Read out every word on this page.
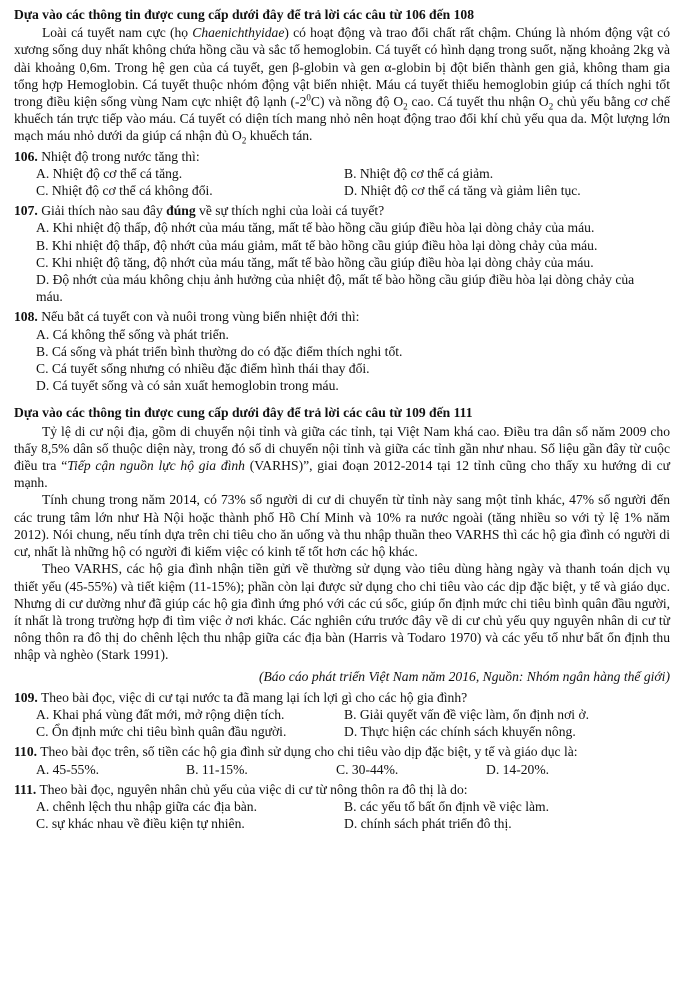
Dựa vào các thông tin được cung cấp dưới đây để trả lời các câu từ 106 đến 108

Loài cá tuyết nam cực (họ Chaenichthyidae) có hoạt động và trao đổi chất rất chậm. Chúng là nhóm động vật có xương sống duy nhất không chứa hồng cầu và sắc tố hemoglobin. Cá tuyết có hình dạng trong suốt, nặng khoảng 2kg và dài khoảng 0,6m. Trong hệ gen của cá tuyết, gen β-globin và gen α-globin bị đột biến thành gen giả, không tham gia tổng hợp Hemoglobin. Cá tuyết thuộc nhóm động vật biến nhiệt. Máu cá tuyết thiếu hemoglobin giúp cá thích nghi tốt trong điều kiện sống vùng Nam cực nhiệt độ lạnh $(-2^0C)$ và nồng độ $O_2$ cao. Cá tuyết thu nhận $O_2$ chủ yếu bằng cơ chế khuếch tán trực tiếp vào máu. Cá tuyết có diện tích mang nhỏ nên hoạt động trao đổi khí chủ yếu qua da. Một lượng lớn mạch máu nhỏ dưới da giúp cá nhận đủ $O_2$ khuếch tán.

106. Nhiệt độ trong nước tăng thì:
A. Nhiệt độ cơ thể cá tăng.	B. Nhiệt độ cơ thể cá giảm.
C. Nhiệt độ cơ thể cá không đổi.	D. Nhiệt độ cơ thể cá tăng và giảm liên tục.
107. Giải thích nào sau đây đúng về sự thích nghi của loài cá tuyết?
A. Khi nhiệt độ thấp, độ nhớt của máu tăng, mất tế bào hồng cầu giúp điều hòa lại dòng chảy của máu.
B. Khi nhiệt độ thấp, độ nhớt của máu giảm, mất tế bào hồng cầu giúp điều hòa lại dòng chảy của máu.
C. Khi nhiệt độ tăng, độ nhớt của máu tăng, mất tế bào hồng cầu giúp điều hòa lại dòng chảy của máu.
D. Độ nhớt của máu không chịu ảnh hưởng của nhiệt độ, mất tế bào hồng cầu giúp điều hòa lại dòng chảy của máu.
108. Nếu bắt cá tuyết con và nuôi trong vùng biển nhiệt đới thì:
A. Cá không thể sống và phát triển.
B. Cá sống và phát triển bình thường do có đặc điểm thích nghi tốt.
C. Cá tuyết sống nhưng có nhiều đặc điểm hình thái thay đổi.
D. Cá tuyết sống và có sản xuất hemoglobin trong máu.
Dựa vào các thông tin được cung cấp dưới đây để trả lời các câu từ 109 đến 111

Tỷ lệ di cư nội địa, gồm di chuyển nội tỉnh và giữa các tỉnh, tại Việt Nam khá cao. Điều tra dân số năm 2009 cho thấy 8,5% dân số thuộc diện này, trong đó số di chuyển nội tỉnh và giữa các tỉnh gần như nhau. Số liệu gần đây từ cuộc điều tra “Tiếp cận nguồn lực hộ gia đình (VARHS)”, giai đoạn 2012-2014 tại 12 tỉnh cũng cho thấy xu hướng di cư mạnh.

Tính chung trong năm 2014, có 73% số người di cư di chuyển từ tỉnh này sang một tỉnh khác, 47% số người đến các trung tâm lớn như Hà Nội hoặc thành phố Hồ Chí Minh và 10% ra nước ngoài (tăng nhiều so với tỷ lệ 1% năm 2012). Nói chung, nếu tính dựa trên chi tiêu cho ăn uống và thu nhập thuần theo VARHS thì các hộ gia đình có người di cư, nhất là những hộ có người đi kiếm việc có kinh tế tốt hơn các hộ khác.

Theo VARHS, các hộ gia đình nhận tiền gửi về thường sử dụng vào tiêu dùng hàng ngày và thanh toán dịch vụ thiết yếu (45-55%) và tiết kiệm (11-15%); phần còn lại được sử dụng cho chi tiêu vào các dịp đặc biệt, y tế và giáo dục. Nhưng di cư dường như đã giúp các hộ gia đình ứng phó với các cú sốc, giúp ổn định mức chi tiêu bình quân đầu người, ít nhất là trong trường hợp đi tìm việc ở nơi khác. Các nghiên cứu trước đây về di cư chủ yếu quy nguyên nhân di cư từ nông thôn ra đô thị do chênh lệch thu nhập giữa các địa bàn (Harris và Todaro 1970) và các yếu tố như bất ổn định thu nhập và nghèo (Stark 1991).

(Báo cáo phát triển Việt Nam năm 2016, Nguồn: Nhóm ngân hàng thế giới)

109. Theo bài đọc, việc di cư tại nước ta đã mang lại ích lợi gì cho các hộ gia đình?
A. Khai phá vùng đất mới, mở rộng diện tích.	B. Giải quyết vấn đề việc làm, ổn định nơi ở.
C. Ổn định mức chi tiêu bình quân đầu người.	D. Thực hiện các chính sách khuyến nông.
110. Theo bài đọc trên, số tiền các hộ gia đình sử dụng cho chi tiêu vào dịp đặc biệt, y tế và giáo dục là:
A. 45-55%.	B. 11-15%.	C. 30-44%.	D. 14-20%.
111. Theo bài đọc, nguyên nhân chủ yếu của việc di cư từ nông thôn ra đô thị là do:
A. chênh lệch thu nhập giữa các địa bàn.	B. các yếu tố bất ổn định về việc làm.
C. sự khác nhau về điều kiện tự nhiên.	D. chính sách phát triển đô thị.
